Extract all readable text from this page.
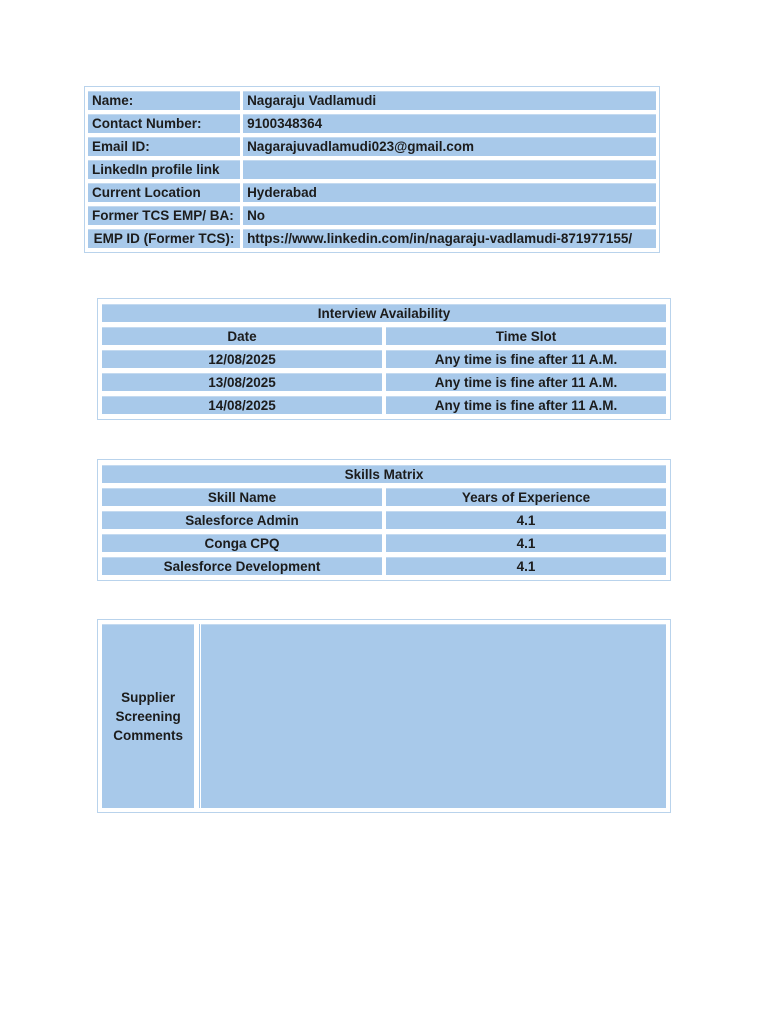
Name:	Nagaraju Vadlamudi
Contact Number:	9100348364
Email ID:	Nagarajuvadlamudi023@gmail.com
LinkedIn profile link	
Current Location	Hyderabad
Former TCS EMP/ BA:	No
EMP ID (Former TCS):	https://www.linkedin.com/in/nagaraju-vadlamudi-871977155/
Interview Availability	
Date	Time Slot
12/08/2025	Any time is fine after 11 A.M.
13/08/2025	Any time is fine after 11 A.M.
14/08/2025	Any time is fine after 11 A.M.
Skills Matrix	
Skill Name	Years of Experience
Salesforce Admin	4.1
Conga CPQ	4.1
Salesforce Development	4.1
Supplier Screening Comments	
